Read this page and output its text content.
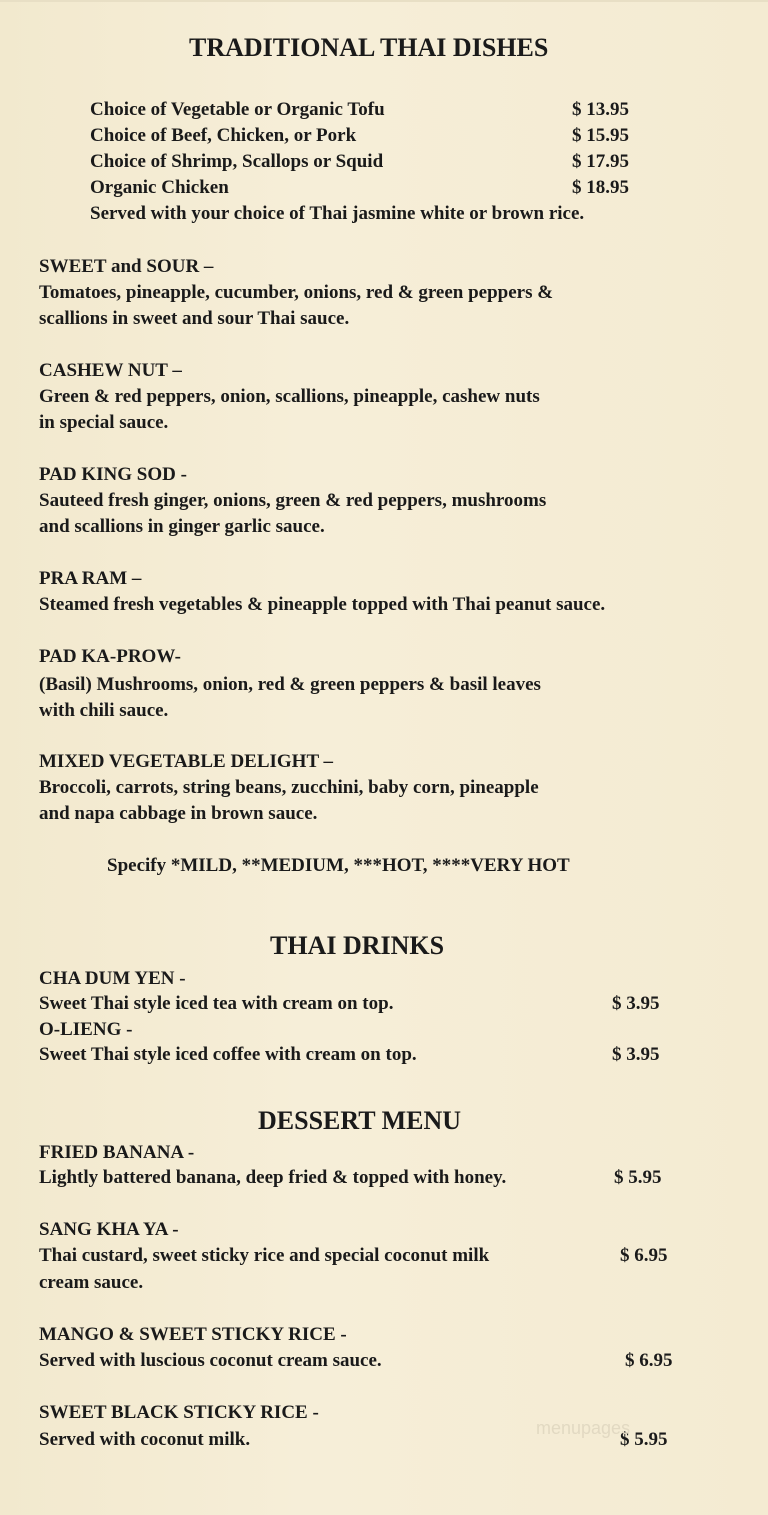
TRADITIONAL THAI DISHES
Choice of Vegetable or Organic Tofu	$ 13.95
Choice of Beef, Chicken, or Pork	$ 15.95
Choice of Shrimp, Scallops or Squid	$ 17.95
Organic Chicken	$ 18.95
Served with your choice of Thai jasmine white or brown rice.
SWEET and SOUR –
Tomatoes, pineapple, cucumber, onions, red & green peppers &
scallions in sweet and sour Thai sauce.
CASHEW NUT –
Green & red peppers, onion, scallions, pineapple, cashew nuts
in special sauce.
PAD KING SOD -
Sauteed fresh ginger, onions, green & red peppers, mushrooms
and scallions in ginger garlic sauce.
PRA RAM –
Steamed fresh vegetables & pineapple topped with Thai peanut sauce.
PAD KA-PROW-
(Basil) Mushrooms, onion, red & green peppers & basil leaves
with chili sauce.
MIXED VEGETABLE DELIGHT –
Broccoli, carrots, string beans, zucchini, baby corn, pineapple
and napa cabbage in brown sauce.
Specify *MILD, **MEDIUM, ***HOT, ****VERY HOT
THAI DRINKS
CHA DUM YEN -
Sweet Thai style iced tea with cream on top.	$ 3.95
O-LIENG -
Sweet Thai style iced coffee with cream on top.	$ 3.95
DESSERT MENU
FRIED BANANA -
Lightly battered banana, deep fried & topped with honey.	$ 5.95
SANG KHA YA -
Thai custard, sweet sticky rice and special coconut milk	$ 6.95
cream sauce.
MANGO & SWEET STICKY RICE -
Served with luscious coconut cream sauce.	$ 6.95
SWEET BLACK STICKY RICE -
Served with coconut milk.	$ 5.95
menupages
